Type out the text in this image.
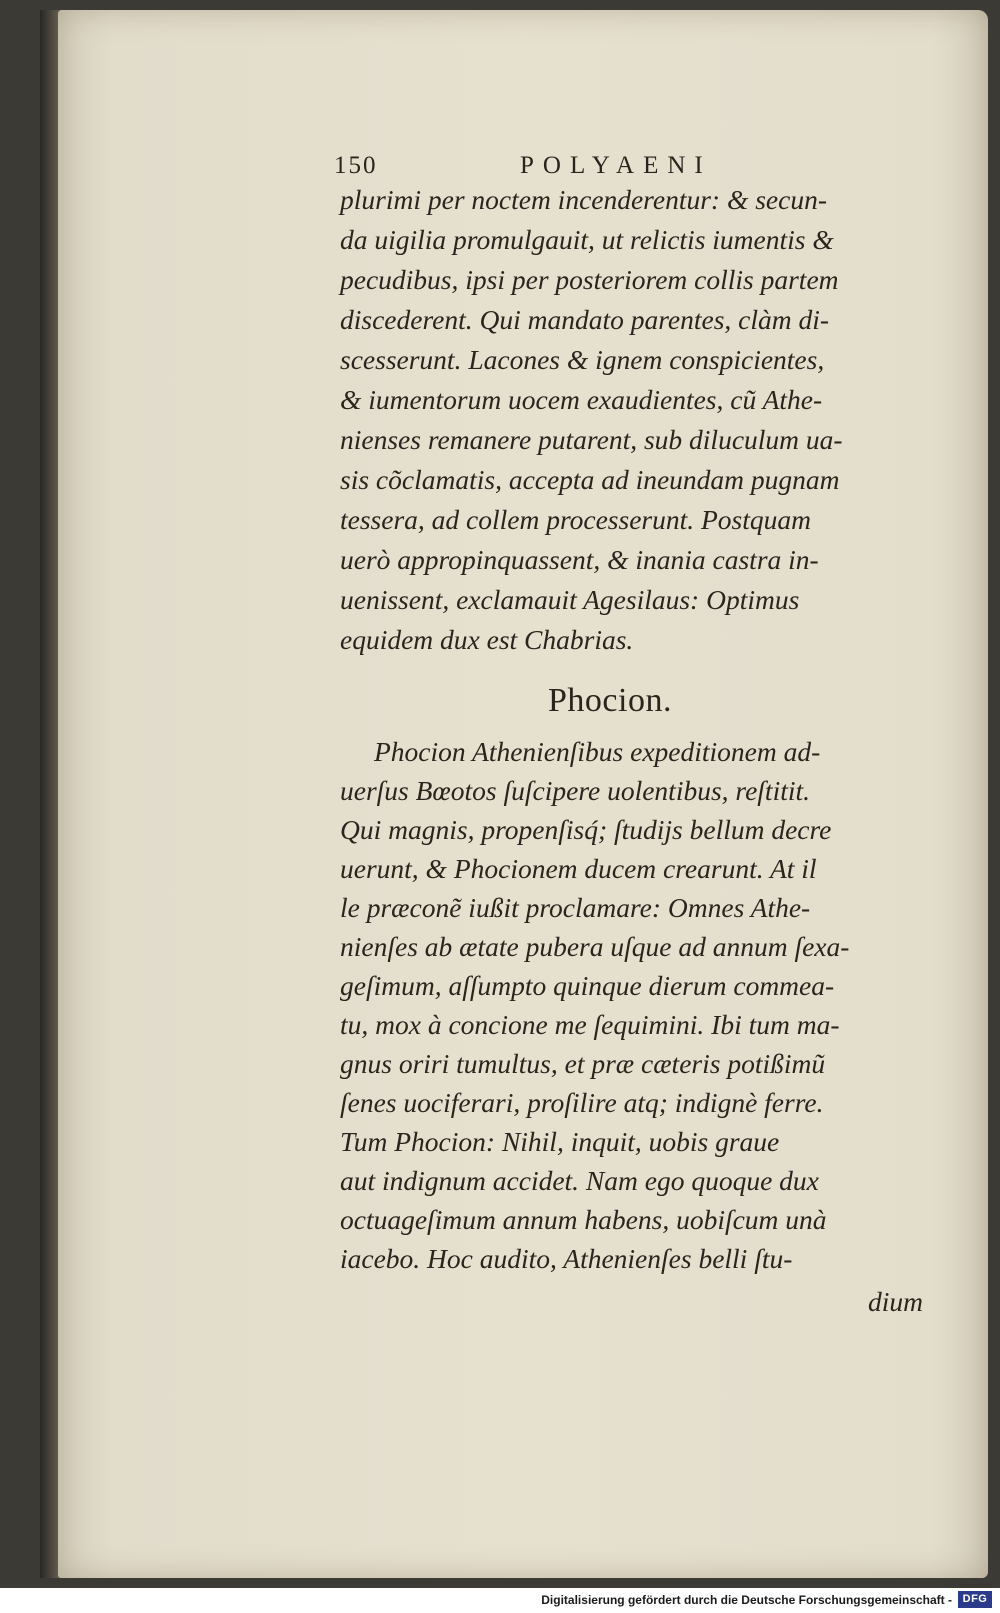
150	POLYAENI
plurimi per noctem incenderentur: & secun-
da uigilia promulgauit, ut relictis iumentis &
pecudibus, ipsi per posteriorem collis partem
discederent. Qui mandato parentes, clàm di-
scesserunt. Lacones & ignem conspicientes,
& iumentorum uocem exaudientes, cũ Athe-
nienses remanere putarent, sub diluculum ua-
sis cõclamatis, accepta ad ineundam pugnam
tessera, ad collem processerunt. Postquam
uerò appropinquassent, & inania castra in-
uenissent, exclamauit Agesilaus: Optimus
equidem dux est Chabrias.
Phocion.
Phocion Athenienſibus expeditionem ad-
uerſus Bœotos ſuſcipere uolentibus, reſtitit.
Qui magnis, propenſisq́; ſtudijs bellum decre
uerunt, & Phocionem ducem crearunt. At il
le præconẽ iußit proclamare: Omnes Athe-
nienſes ab ætate pubera uſque ad annum ſexa-
geſimum, aſſumpto quinque dierum commea-
tu, mox à concione me ſequimini. Ibi tum ma-
gnus oriri tumultus, et præ cæteris potißimũ
ſenes uociferari, proſilire atq; indignè ferre.
Tum Phocion: Nihil, inquit, uobis graue
aut indignum accidet. Nam ego quoque dux
octuageſimum annum habens, uobiſcum unà
iacebo. Hoc audito, Athenienſes belli ſtu-
dium
Digitalisierung gefördert durch die Deutsche Forschungsgemeinschaft - DFG
